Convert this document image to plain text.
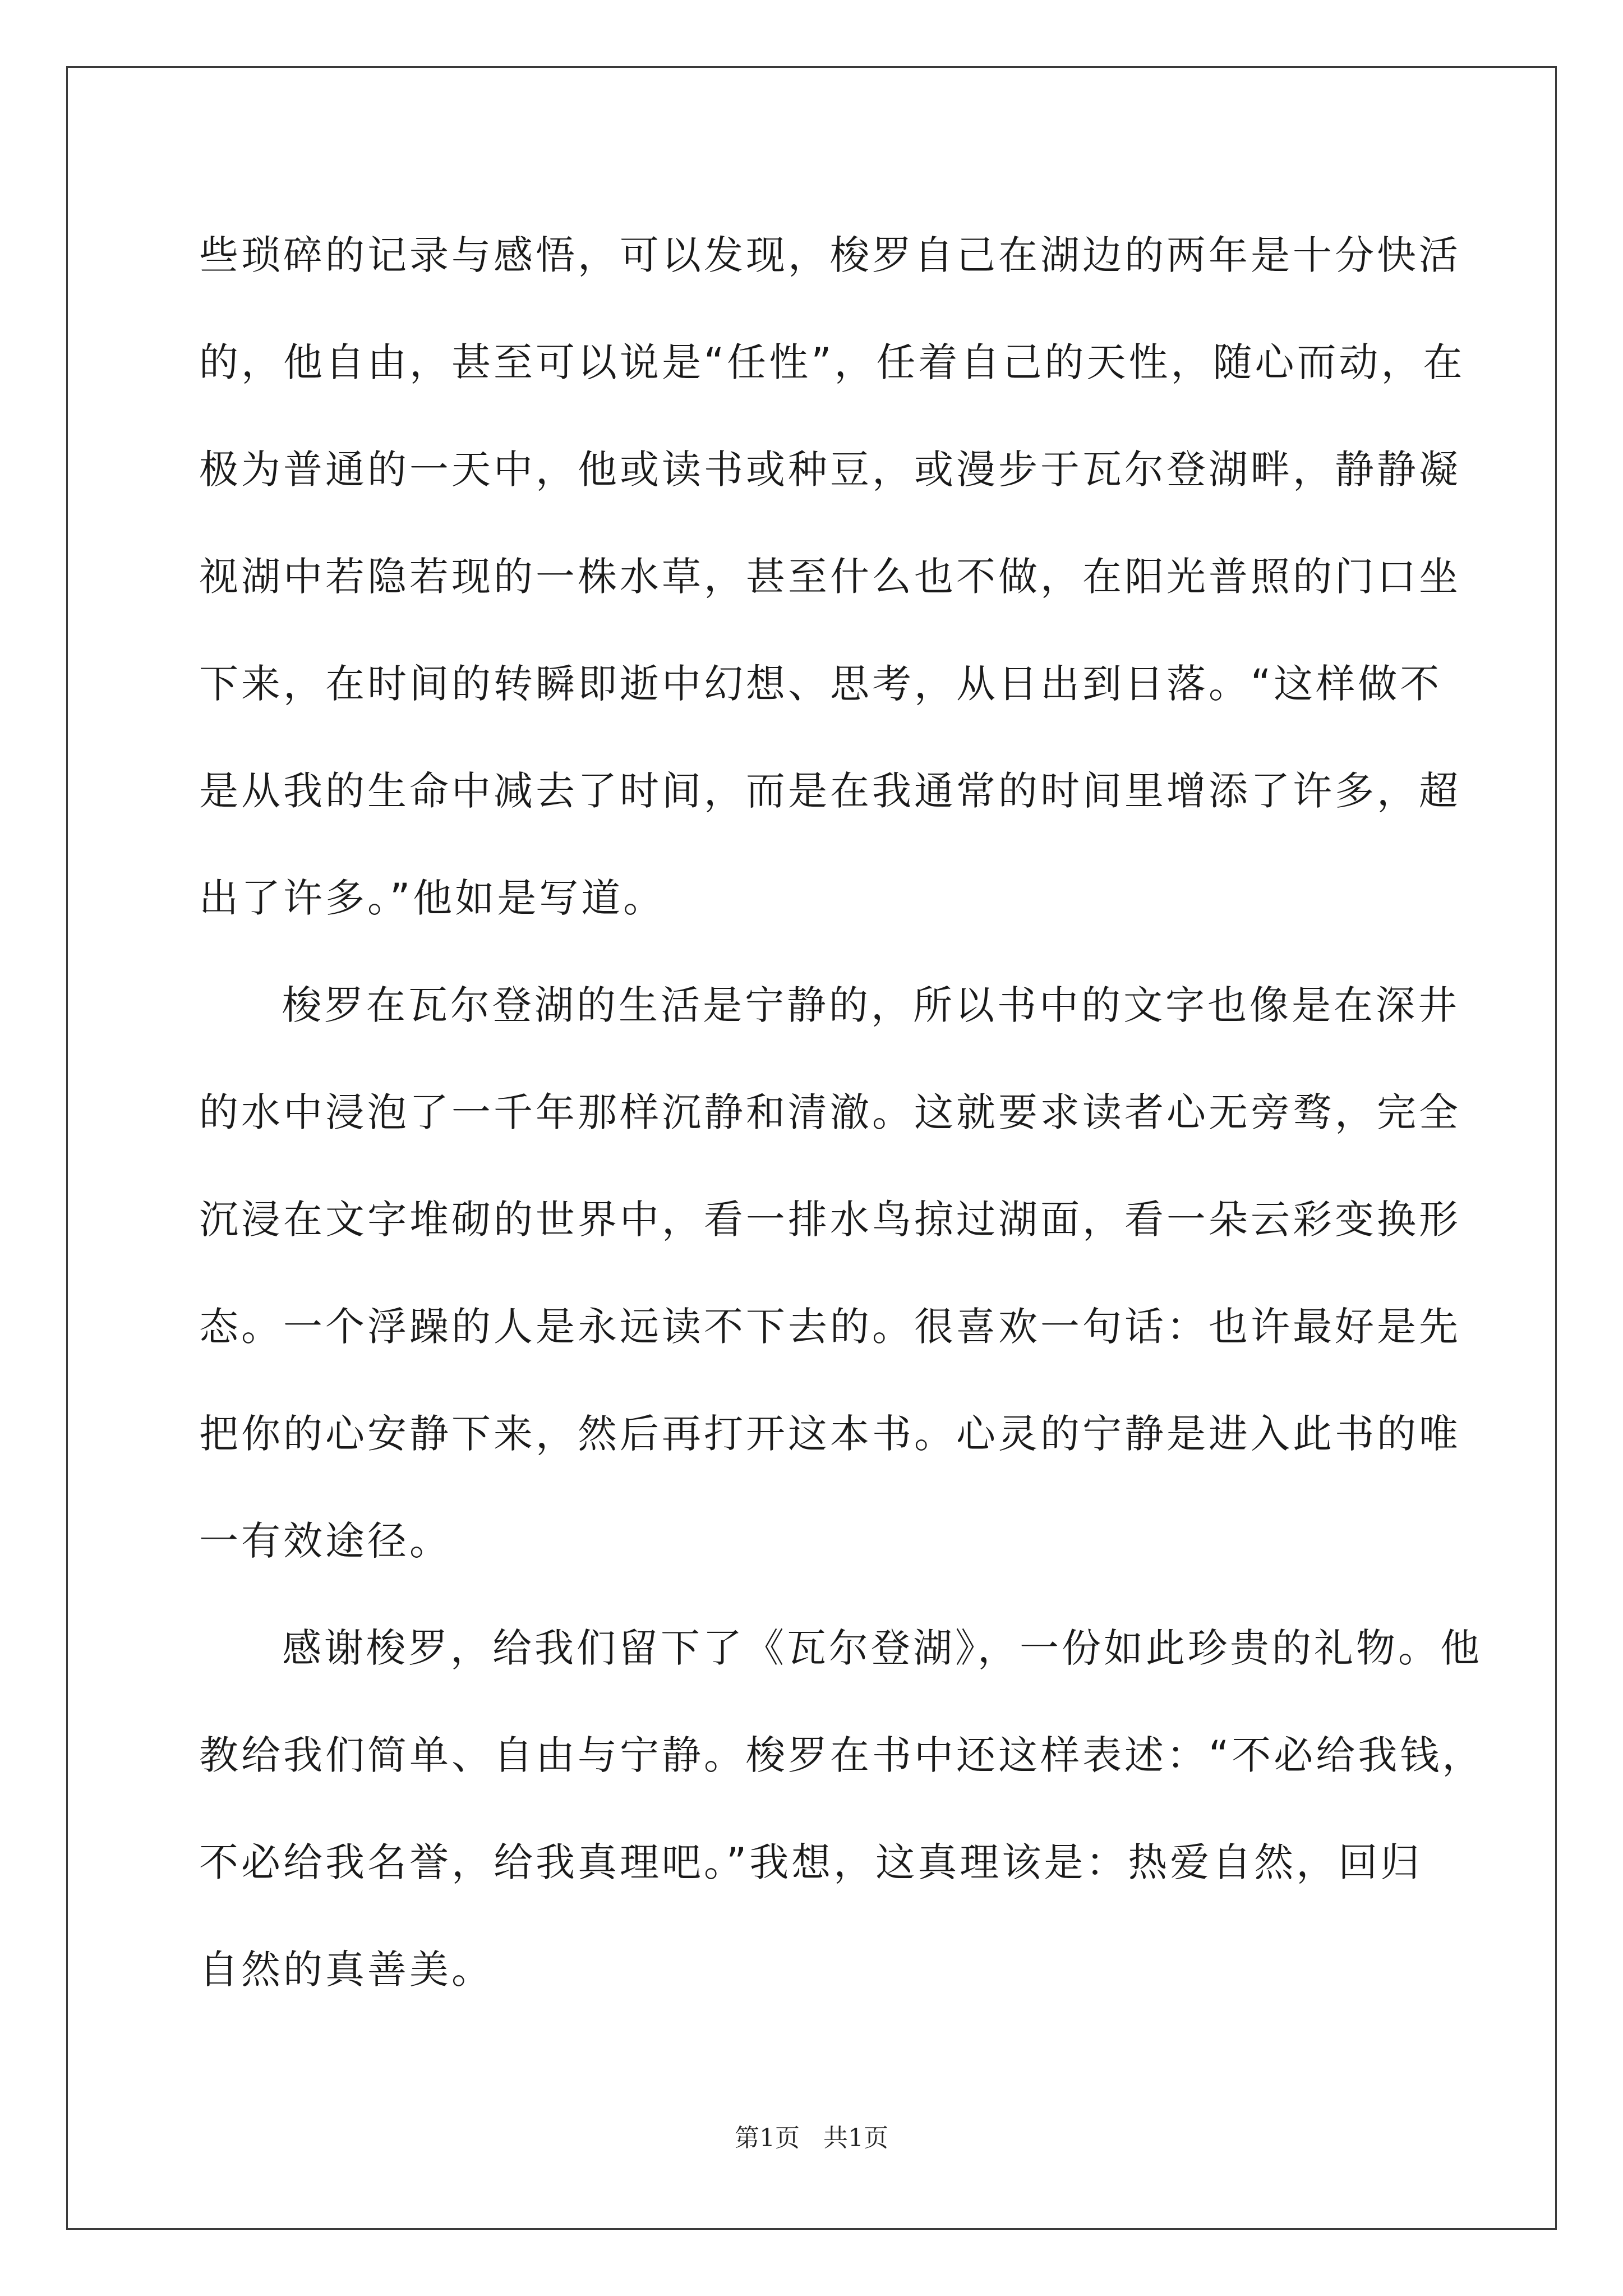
些琐碎的记录与感悟，可以发现，梭罗自己在湖边的两年是十分快活
的，他自由，甚至可以说是“任性”，任着自己的天性，随心而动，在
极为普通的一天中，他或读书或种豆，或漫步于瓦尔登湖畔，静静凝
视湖中若隐若现的一株水草，甚至什么也不做，在阳光普照的门口坐
下来，在时间的转瞬即逝中幻想、思考，从日出到日落。“这样做不
是从我的生命中减去了时间，而是在我通常的时间里增添了许多，超
出了许多。”他如是写道。
梭罗在瓦尔登湖的生活是宁静的，所以书中的文字也像是在深井
的水中浸泡了一千年那样沉静和清澈。这就要求读者心无旁骛，完全
沉浸在文字堆砌的世界中，看一排水鸟掠过湖面，看一朵云彩变换形
态。一个浮躁的人是永远读不下去的。很喜欢一句话：也许最好是先
把你的心安静下来，然后再打开这本书。心灵的宁静是进入此书的唯
一有效途径。
感谢梭罗，给我们留下了《瓦尔登湖》，一份如此珍贵的礼物。他
教给我们简单、自由与宁静。梭罗在书中还这样表述：“不必给我钱，
不必给我名誉，给我真理吧。”我想，这真理该是：热爱自然，回归
自然的真善美。
第1页   共1页
